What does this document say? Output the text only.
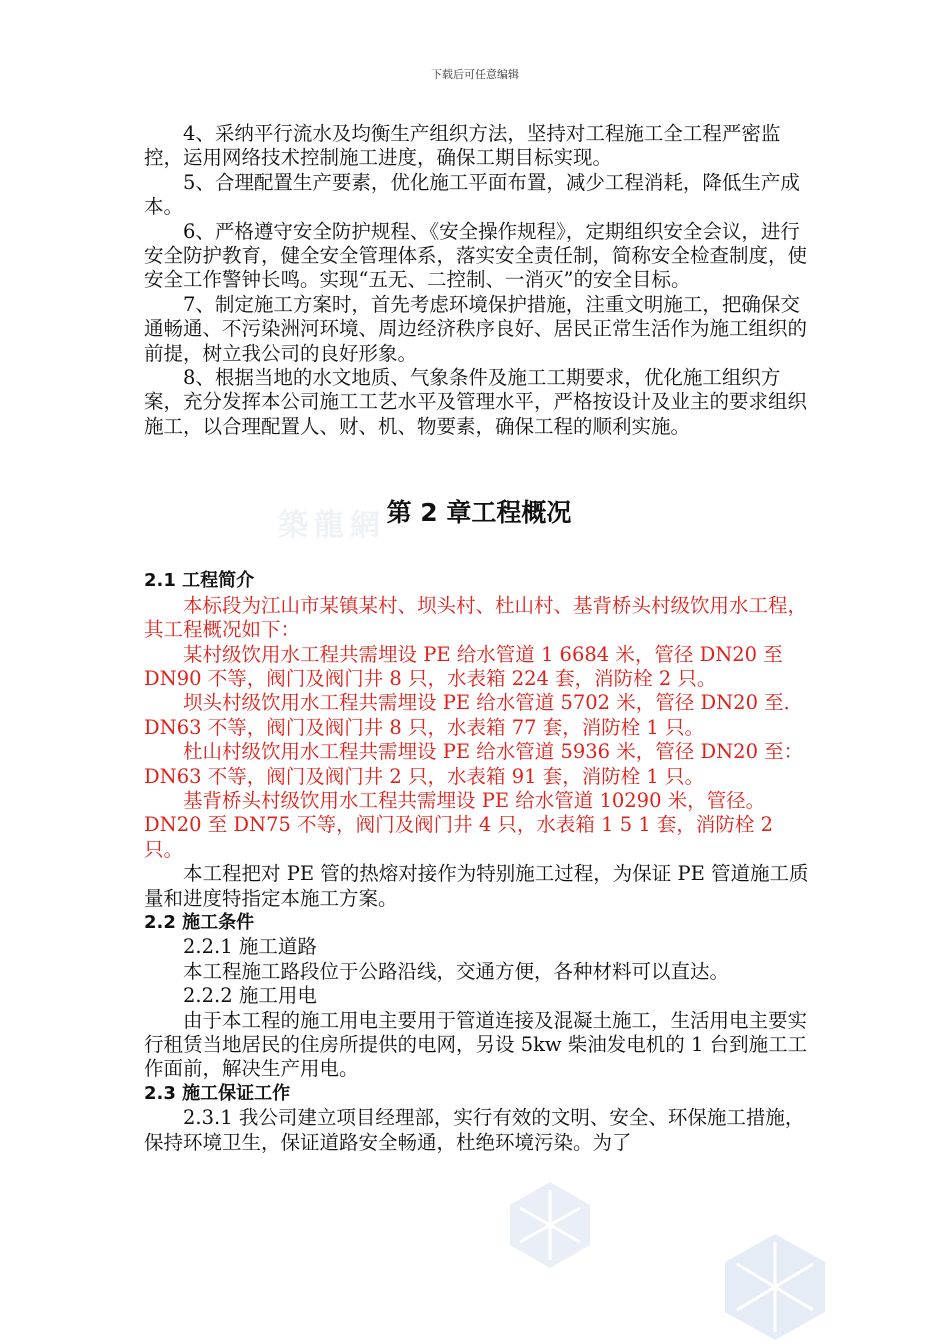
下载后可任意编辑
築龍網

4、采纳平行流水及均衡生产组织方法，坚持对工程施工全工程严密监控，运用网络技术控制施工进度，确保工期目标实现。

5、合理配置生产要素，优化施工平面布置，减少工程消耗，降低生产成本。

6、严格遵守安全防护规程、《安全操作规程》，定期组织安全会议，进行安全防护教育，健全安全管理体系，落实安全责任制，简称安全检查制度，使安全工作警钟长鸣。实现“五无、二控制、一消灭”的安全目标。

7、制定施工方案时，首先考虑环境保护措施，注重文明施工，把确保交通畅通、不污染洲河环境、周边经济秩序良好、居民正常生活作为施工组织的前提，树立我公司的良好形象。

8、根据当地的水文地质、气象条件及施工工期要求，优化施工组织方案，充分发挥本公司施工工艺水平及管理水平，严格按设计及业主的要求组织施工，以合理配置人、财、机、物要素，确保工程的顺利实施。

第 2 章工程概况

2.1 工程简介

本标段为江山市某镇某村、坝头村、杜山村、基背桥头村级饮用水工程，其工程概况如下：

某村级饮用水工程共需埋设 PE 给水管道 1 6684 米，管径 DN20 至 DN90 不等，阀门及阀门井 8 只，水表箱 224 套，消防栓 2 只。

坝头村级饮用水工程共需埋设 PE 给水管道 5702 米，管径 DN20 至．DN63 不等，阀门及阀门井 8 只，水表箱 77 套，消防栓 1 只。

杜山村级饮用水工程共需埋设 PE 给水管道 5936 米，管径 DN20 至：DN63 不等，阀门及阀门井 2 只，水表箱 91 套，消防栓 1 只。

基背桥头村级饮用水工程共需埋设 PE 给水管道 10290 米，管径。DN20 至 DN75 不等，阀门及阀门井 4 只，水表箱 1 5 1 套，消防栓 2 只。

本工程把对 PE 管的热熔对接作为特别施工过程，为保证 PE 管道施工质量和进度特指定本施工方案。

2.2 施工条件

2.2.1 施工道路

本工程施工路段位于公路沿线，交通方便，各种材料可以直达。

2.2.2 施工用电

由于本工程的施工用电主要用于管道连接及混凝土施工，生活用电主要实行租赁当地居民的住房所提供的电网，另设 5kw 柴油发电机的 1 台到施工工作面前，解决生产用电。

2.3 施工保证工作

2.3.1 我公司建立项目经理部，实行有效的文明、安全、环保施工措施，保持环境卫生，保证道路安全畅通，杜绝环境污染。为了
